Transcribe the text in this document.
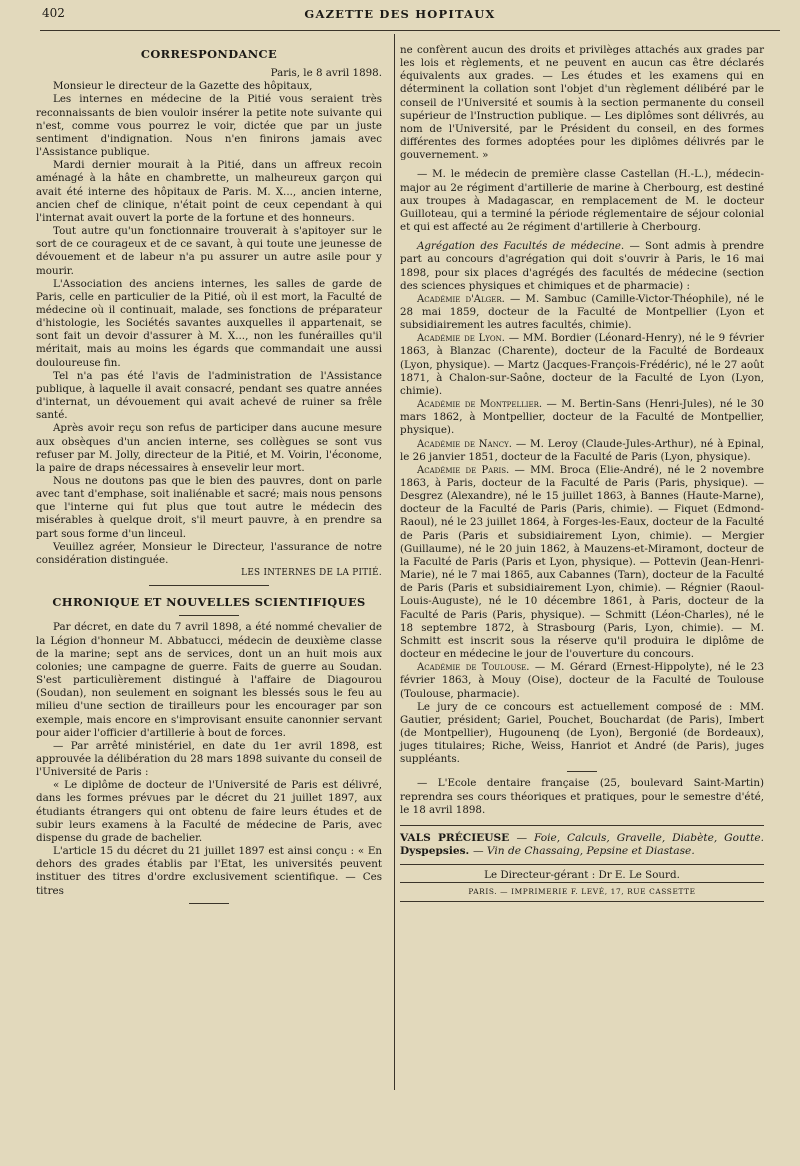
402	GAZETTE DES HOPITAUX
CORRESPONDANCE

Paris, le 8 avril 1898.

Monsieur le directeur de la Gazette des hôpitaux,

Les internes en médecine de la Pitié vous seraient très reconnaissants de bien vouloir insérer la petite note suivante qui n'est, comme vous pourrez le voir, dictée que par un juste sentiment d'indignation. Nous n'en finirons jamais avec l'Assistance publique.

Mardi dernier mourait à la Pitié, dans un affreux recoin aménagé à la hâte en chambrette, un malheureux garçon qui avait été interne des hôpitaux de Paris. M. X..., ancien interne, ancien chef de clinique, n'était point de ceux cependant à qui l'internat avait ouvert la porte de la fortune et des honneurs.

Tout autre qu'un fonctionnaire trouverait à s'apitoyer sur le sort de ce courageux et de ce savant, à qui toute une jeunesse de dévouement et de labeur n'a pu assurer un autre asile pour y mourir.

L'Association des anciens internes, les salles de garde de Paris, celle en particulier de la Pitié, où il est mort, la Faculté de médecine où il continuait, malade, ses fonctions de préparateur d'histologie, les Sociétés savantes auxquelles il appartenait, se sont fait un devoir d'assurer à M. X..., non les funérailles qu'il méritait, mais au moins les égards que commandait une aussi douloureuse fin.

Tel n'a pas été l'avis de l'administration de l'Assistance publique, à laquelle il avait consacré, pendant ses quatre années d'internat, un dévouement qui avait achevé de ruiner sa frêle santé.

Après avoir reçu son refus de participer dans aucune mesure aux obsèques d'un ancien interne, ses collègues se sont vus refuser par M. Jolly, directeur de la Pitié, et M. Voirin, l'économe, la paire de draps nécessaires à ensevelir leur mort.

Nous ne doutons pas que le bien des pauvres, dont on parle avec tant d'emphase, soit inaliénable et sacré; mais nous pensons que l'interne qui fut plus que tout autre le médecin des misérables à quelque droit, s'il meurt pauvre, à en prendre sa part sous forme d'un linceul.

Veuillez agréer, Monsieur le Directeur, l'assurance de notre considération distinguée.

LES INTERNES DE LA PITIÉ.

CHRONIQUE ET NOUVELLES SCIENTIFIQUES

Par décret, en date du 7 avril 1898, a été nommé chevalier de la Légion d'honneur M. Abbatucci, médecin de deuxième classe de la marine; sept ans de services, dont un an huit mois aux colonies; une campagne de guerre. Faits de guerre au Soudan. S'est particulièrement distingué à l'affaire de Diagourou (Soudan), non seulement en soignant les blessés sous le feu au milieu d'une section de tirailleurs pour les encourager par son exemple, mais encore en s'improvisant ensuite canonnier servant pour aider l'officier d'artillerie à bout de forces.

— Par arrêté ministériel, en date du 1er avril 1898, est approuvée la délibération du 28 mars 1898 suivante du conseil de l'Université de Paris :

« Le diplôme de docteur de l'Université de Paris est délivré, dans les formes prévues par le décret du 21 juillet 1897, aux étudiants étrangers qui ont obtenu de faire leurs études et de subir leurs examens à la Faculté de médecine de Paris, avec dispense du grade de bachelier.

L'article 15 du décret du 21 juillet 1897 est ainsi conçu : « En dehors des grades établis par l'Etat, les universités peuvent instituer des titres d'ordre exclusivement scientifique. — Ces titres

ne confèrent aucun des droits et privilèges attachés aux grades par les lois et règlements, et ne peuvent en aucun cas être déclarés équivalents aux grades. — Les études et les examens qui en déterminent la collation sont l'objet d'un règlement délibéré par le conseil de l'Université et soumis à la section permanente du conseil supérieur de l'Instruction publique. — Les diplômes sont délivrés, au nom de l'Université, par le Président du conseil, en des formes différentes des formes adoptées pour les diplômes délivrés par le gouvernement. »

— M. le médecin de première classe Castellan (H.-L.), médecin-major au 2e régiment d'artillerie de marine à Cherbourg, est destiné aux troupes à Madagascar, en remplacement de M. le docteur Guilloteau, qui a terminé la période réglementaire de séjour colonial et qui est affecté au 2e régiment d'artillerie à Cherbourg.

Agrégation des Facultés de médecine. — Sont admis à prendre part au concours d'agrégation qui doit s'ouvrir à Paris, le 16 mai 1898, pour six places d'agrégés des facultés de médecine (section des sciences physiques et chimiques et de pharmacie) :

Académie d'Alger. — M. Sambuc (Camille-Victor-Théophile), né le 28 mai 1859, docteur de la Faculté de Montpellier (Lyon et subsidiairement les autres facultés, chimie).

Académie de Lyon. — MM. Bordier (Léonard-Henry), né le 9 février 1863, à Blanzac (Charente), docteur de la Faculté de Bordeaux (Lyon, physique). — Martz (Jacques-François-Frédéric), né le 27 août 1871, à Chalon-sur-Saône, docteur de la Faculté de Lyon (Lyon, chimie).

Académie de Montpellier. — M. Bertin-Sans (Henri-Jules), né le 30 mars 1862, à Montpellier, docteur de la Faculté de Montpellier, physique).

Académie de Nancy. — M. Leroy (Claude-Jules-Arthur), né à Epinal, le 26 janvier 1851, docteur de la Faculté de Paris (Lyon, physique).

Académie de Paris. — MM. Broca (Elie-André), né le 2 novembre 1863, à Paris, docteur de la Faculté de Paris (Paris, physique). — Desgrez (Alexandre), né le 15 juillet 1863, à Bannes (Haute-Marne), docteur de la Faculté de Paris (Paris, chimie). — Fiquet (Edmond-Raoul), né le 23 juillet 1864, à Forges-les-Eaux, docteur de la Faculté de Paris (Paris et subsidiairement Lyon, chimie). — Mergier (Guillaume), né le 20 juin 1862, à Mauzens-et-Miramont, docteur de la Faculté de Paris (Paris et Lyon, physique). — Pottevin (Jean-Henri-Marie), né le 7 mai 1865, aux Cabannes (Tarn), docteur de la Faculté de Paris (Paris et subsidiairement Lyon, chimie). — Régnier (Raoul-Louis-Auguste), né le 10 décembre 1861, à Paris, docteur de la Faculté de Paris (Paris, physique). — Schmitt (Léon-Charles), né le 18 septembre 1872, à Strasbourg (Paris, Lyon, chimie). — M. Schmitt est inscrit sous la réserve qu'il produira le diplôme de docteur en médecine le jour de l'ouverture du concours.

Académie de Toulouse. — M. Gérard (Ernest-Hippolyte), né le 23 février 1863, à Mouy (Oise), docteur de la Faculté de Toulouse (Toulouse, pharmacie).

Le jury de ce concours est actuellement composé de : MM. Gautier, président; Gariel, Pouchet, Bouchardat (de Paris), Imbert (de Montpellier), Hugounenq (de Lyon), Bergonié (de Bordeaux), juges titulaires; Riche, Weiss, Hanriot et André (de Paris), juges suppléants.

— L'Ecole dentaire française (25, boulevard Saint-Martin) reprendra ses cours théoriques et pratiques, pour le semestre d'été, le 18 avril 1898.

VALS PRÉCIEUSE — Foie, Calculs, Gravelle, Diabète, Goutte. Dyspepsies. — Vin de Chassaing, Pepsine et Diastase.

Le Directeur-gérant : Dr E. Le Sourd.

PARIS. — IMPRIMERIE F. LEVÉ, 17, RUE CASSETTE
